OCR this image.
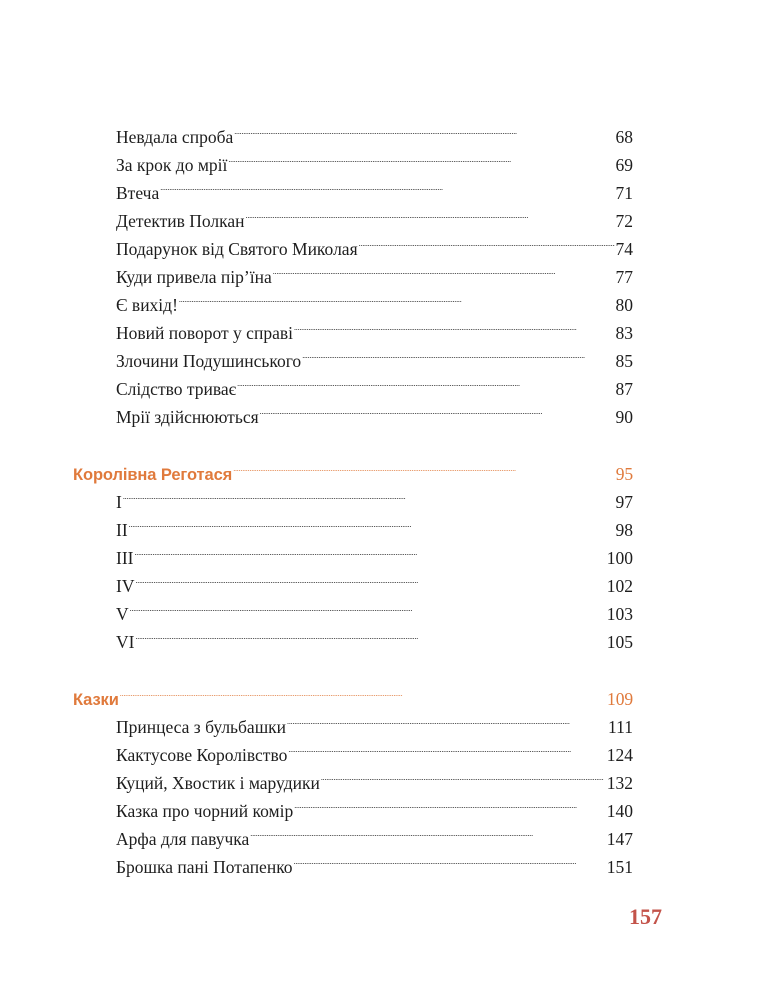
Невдала спроба . . .	68
За крок до мрії . . .	69
Втеча . . .	71
Детектив Полкан . . .	72
Подарунок від Святого Миколая . . .	74
Куди привела пір’їна . . .	77
Є вихід! . . .	80
Новий поворот у справі . . .	83
Злочини Подушинського . . .	85
Слідство триває . . .	87
Мрії здійснюються . . .	90
Королівна Реготася . . .	95
I . . .	97
II . . .	98
III . . .	100
IV . . .	102
V . . .	103
VI . . .	105
Казки . . .	109
Принцеса з бульбашки . . .	111
Кактусове Королівство . . .	124
Куций, Хвостик і марудики . . .	132
Казка про чорний комір . . .	140
Арфа для павучка . . .	147
Брошка пані Потапенко . . .	151
157
